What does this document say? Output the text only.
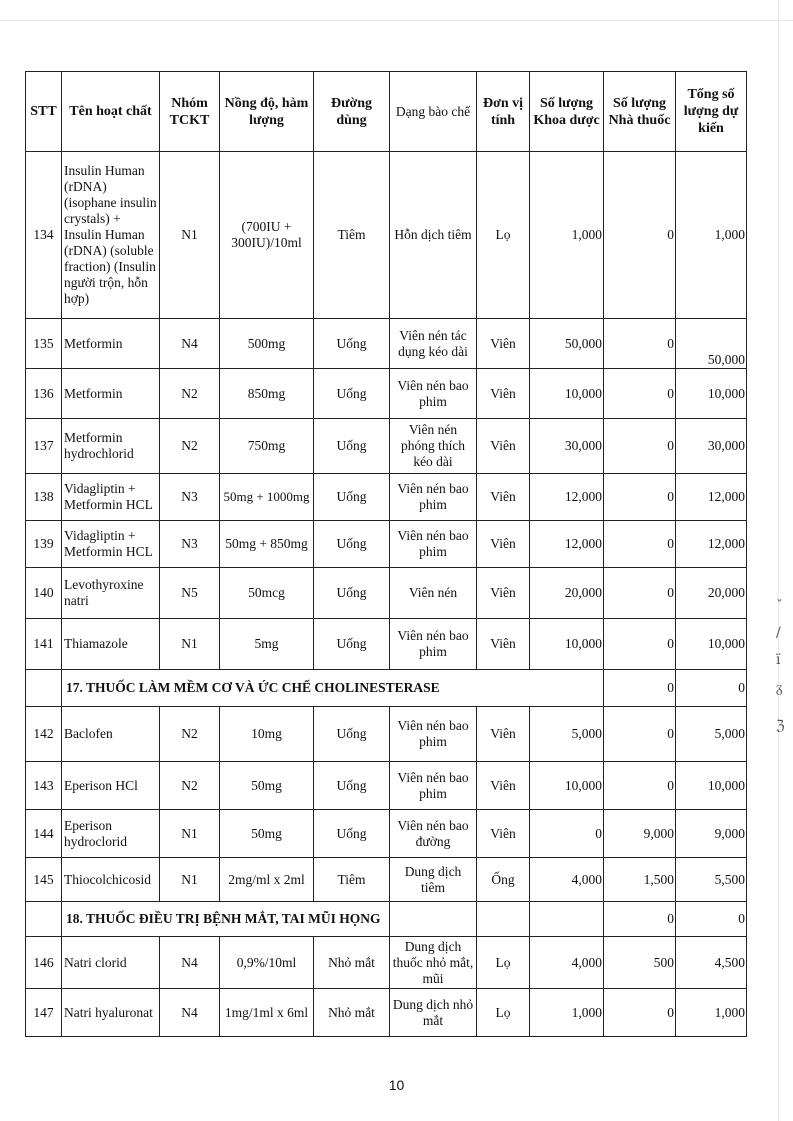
ˇ
/
ï
ᵹ
ℨ
STT	Tên hoạt chất	Nhóm TCKT	Nồng độ, hàm lượng	Đường dùng	Dạng bào chế	Đơn vị tính	Số lượng Khoa dược	Số lượng Nhà thuốc	Tổng số lượng dự kiến
134	Insulin Human (rDNA) (isophane insulin crystals) + Insulin Human (rDNA) (soluble fraction) (Insulin người trộn, hỗn hợp)	N1	(700IU + 300IU)/10ml	Tiêm	Hỗn dịch tiêm	Lọ	1,000	0	1,000
135	Metformin	N4	500mg	Uống	Viên nén tác dụng kéo dài	Viên	50,000	0	50,000
136	Metformin	N2	850mg	Uống	Viên nén bao phim	Viên	10,000	0	10,000
137	Metformin hydrochlorid	N2	750mg	Uống	Viên nén phóng thích kéo dài	Viên	30,000	0	30,000
138	Vidagliptin + Metformin HCL	N3	50mg + 1000mg	Uống	Viên nén bao phim	Viên	12,000	0	12,000
139	Vidagliptin + Metformin HCL	N3	50mg + 850mg	Uống	Viên nén bao phim	Viên	12,000	0	12,000
140	Levothyroxine natri	N5	50mcg	Uống	Viên nén	Viên	20,000	0	20,000
141	Thiamazole	N1	5mg	Uống	Viên nén bao phim	Viên	10,000	0	10,000
	17. THUỐC LÀM MỀM CƠ VÀ ỨC CHẾ CHOLINESTERASE							0	0
142	Baclofen	N2	10mg	Uống	Viên nén bao phim	Viên	5,000	0	5,000
143	Eperison HCl	N2	50mg	Uống	Viên nén bao phim	Viên	10,000	0	10,000
144	Eperison hydroclorid	N1	50mg	Uống	Viên nén bao đường	Viên	0	9,000	9,000
145	Thiocolchicosid	N1	2mg/ml x 2ml	Tiêm	Dung dịch tiêm	Ống	4,000	1,500	5,500
	18. THUỐC ĐIỀU TRỊ BỆNH MẮT, TAI MŨI HỌNG							0	0
146	Natri clorid	N4	0,9%/10ml	Nhỏ mắt	Dung dịch thuốc nhỏ mắt, mũi	Lọ	4,000	500	4,500
147	Natri hyaluronat	N4	1mg/1ml x 6ml	Nhỏ mắt	Dung dịch nhỏ mắt	Lọ	1,000	0	1,000
10
